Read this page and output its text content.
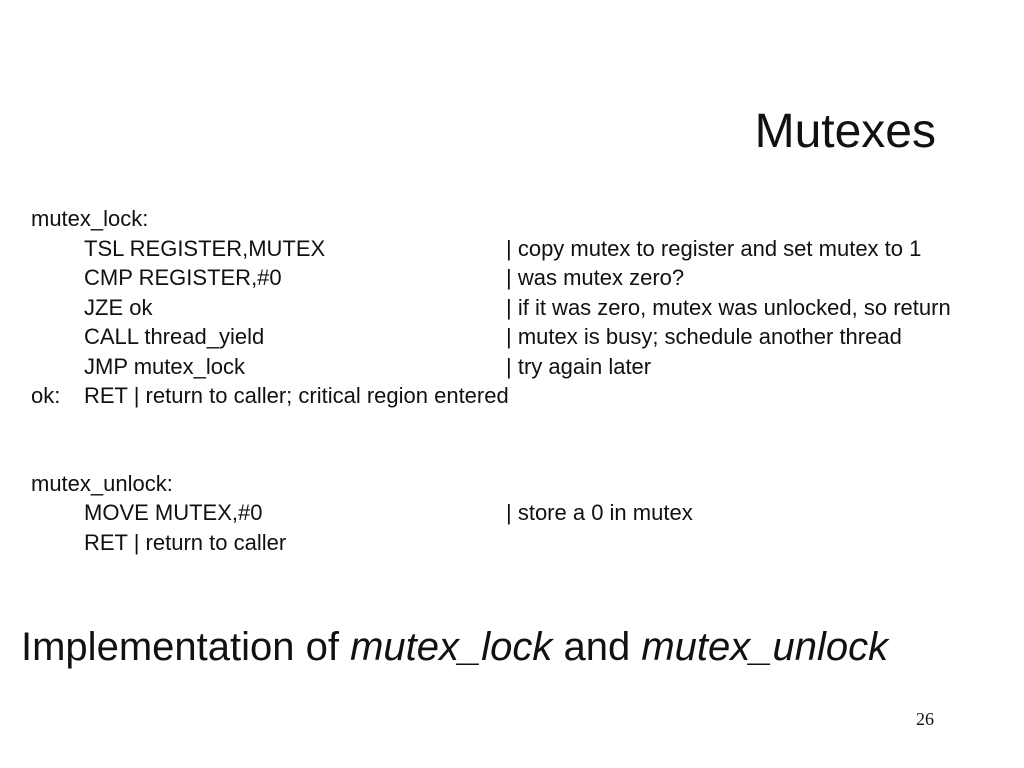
Mutexes
mutex_lock:
TSL REGISTER,MUTEX	| copy mutex to register and set mutex to 1
CMP REGISTER,#0	| was mutex zero?
JZE ok	| if it was zero, mutex was unlocked, so return
CALL thread_yield	| mutex is busy; schedule another thread
JMP mutex_lock	| try again later
ok: RET | return to caller; critical region entered
mutex_unlock:
MOVE MUTEX,#0	| store a 0 in mutex
RET | return to caller
Implementation of mutex_lock and mutex_unlock
26
